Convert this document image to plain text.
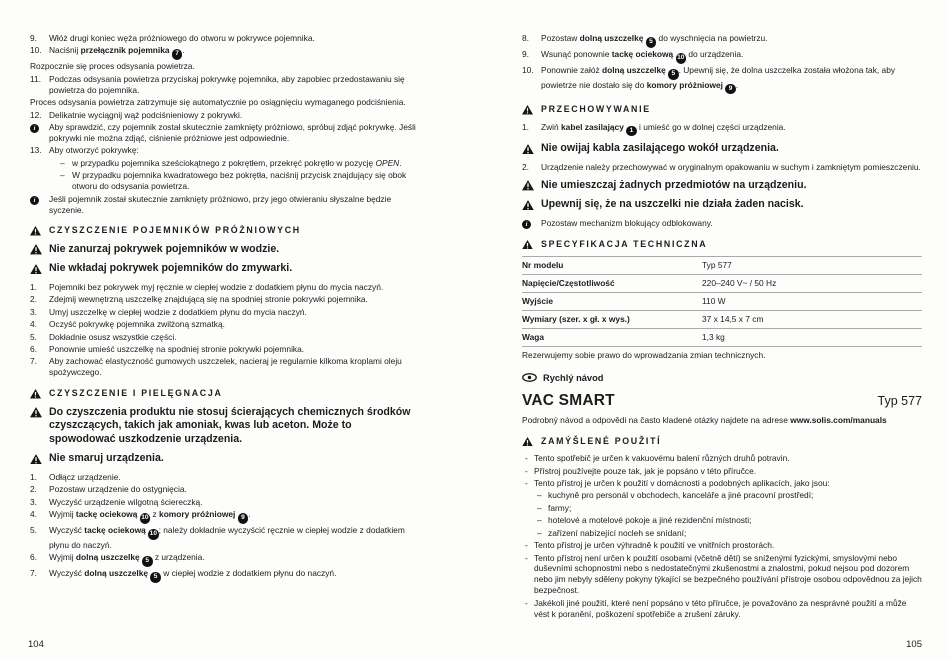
9.	Włóż drugi koniec węża próżniowego do otworu w pokrywce pojemnika.
10. Naciśnij przełącznik pojemnika 7 .
Rozpocznie się proces odsysania powietrza.
11. Podczas odsysania powietrza przyciskaj pokrywkę pojemnika, aby zapobiec przedostawaniu się powietrza do pojemnika.
Proces odsysania powietrza zatrzymuje się automatycznie po osiągnięciu wymaganego podciśnienia.
12. Delikatnie wyciągnij wąż podciśnieniowy z pokrywki.
i	Aby sprawdzić, czy pojemnik został skutecznie zamknięty próżniowo, spróbuj zdjąć pokrywkę. Jeśli pokrywki nie można zdjąć, ciśnienie próżniowe jest odpowiednie.
13. Aby otworzyć pokrywkę:
– w przypadku pojemnika sześciokątnego z pokrętłem, przekręć pokrętło w pozycję OPEN.
– W przypadku pojemnika kwadratowego bez pokrętła, naciśnij przycisk znajdujący się obok otworu do odsysania powietrza.
i	Jeśli pojemnik został skutecznie zamknięty próżniowo, przy jego otwieraniu słyszalne będzie syczenie.
CZYSZCZENIE POJEMNIKÓW PRÓŻNIOWYCH
Nie zanurzaj pokrywek pojemników w wodzie.
Nie wkładaj pokrywek pojemników do zmywarki.
1.	Pojemniki bez pokrywek myj ręcznie w ciepłej wodzie z dodatkiem płynu do mycia naczyń.
2.	Zdejmij wewnętrzną uszczelkę znajdującą się na spodniej stronie pokrywki pojemnika.
3.	Umyj uszczelkę w ciepłej wodzie z dodatkiem płynu do mycia naczyń.
4.	Oczyść pokrywkę pojemnika zwilżoną szmatką.
5.	Dokładnie osusz wszystkie części.
6.	Ponownie umieść uszczelkę na spodniej stronie pokrywki pojemnika.
7.	Aby zachować elastyczność gumowych uszczelek, nacieraj je regularnie kilkoma kroplami oleju spożywczego.
CZYSZCZENIE I PIELĘGNACJA
Do czyszczenia produktu nie stosuj ścierających chemicznych środków czyszczących, takich jak amoniak, kwas lub aceton. Może to spowodować uszkodzenie urządzenia.
Nie smaruj urządzenia.
1.	Odłącz urządzenie.
2.	Pozostaw urządzenie do ostygnięcia.
3.	Wyczyść urządzenie wilgotną ściereczką.
4.	Wyjmij tackę ociekową 10 z komory próżniowej 9 .
5.	Wyczyść tackę ociekową 10 ; należy dokładnie wyczyścić ręcznie w ciepłej wodzie z dodatkiem płynu do naczyń.
6.	Wyjmij dolną uszczelkę 5 z urządzenia.
7.	Wyczyść dolną uszczelkę 5 w ciepłej wodzie z dodatkiem płynu do naczyń.
8.	Pozostaw dolną uszczelkę 5 do wyschnięcia na powietrzu.
9.	Wsunąć ponownie tackę ociekową 10 do urządzenia.
10. Ponownie załóż dolną uszczelkę 5 . Upewnij się, że dolna uszczelka została włożona tak, aby powietrze nie dostało się do komory próżniowej 9 .
PRZECHOWYWANIE
1.	Zwiń kabel zasilający 1 i umieść go w dolnej części urządzenia.
Nie owijaj kabla zasilającego wokół urządzenia.
2.	Urządzenie należy przechowywać w oryginalnym opakowaniu w suchym i zamkniętym pomieszczeniu.
Nie umieszczaj żadnych przedmiotów na urządzeniu.
Upewnij się, że na uszczelki nie działa żaden nacisk.
i	Pozostaw mechanizm blokujący odblokowany.
SPECYFIKACJA TECHNICZNA
Nr modelu	Typ 577
Napięcie/Częstotliwość	220–240 V~ / 50 Hz
Wyjście	110 W
Wymiary (szer. x gł. x wys.)	37 x 14,5 x 7 cm
Waga	1,3 kg
Rezerwujemy sobie prawo do wprowadzania zmian technicznych.
Rychlý návod
VAC SMART	Typ 577
Podrobný návod a odpovědi na často kladené otázky najdete na adrese www.solis.com/manuals
ZAMÝŠLENÉ POUŽITÍ
- Tento spotřebič je určen k vakuovému balení různých druhů potravin.
- Přístroj používejte pouze tak, jak je popsáno v této příručce.
- Tento přístroj je určen k použití v domácnosti a podobných aplikacích, jako jsou:
– kuchyně pro personál v obchodech, kanceláře a jiné pracovní prostředí;
– farmy;
– hotelové a motelové pokoje a jiné rezidenční místnosti;
– zařízení nabízející nocleh se snídaní;
- Tento přístroj je určen výhradně k použití ve vnitřních prostorách.
- Tento přístroj není určen k použití osobami (včetně dětí) se sníženými fyzickými, smyslovými nebo duševními schopnostmi nebo s nedostatečnými zkušenostmi a znalostmi, pokud nejsou pod dozorem nebo jim nebyly sděleny pokyny týkající se bezpečného používání přístroje osobou odpovědnou za jejich bezpečnost.
- Jakékoli jiné použití, které není popsáno v této příručce, je považováno za nesprávné použití a může vést k poranění, poškození spotřebiče a zrušení záruky.
104	105
